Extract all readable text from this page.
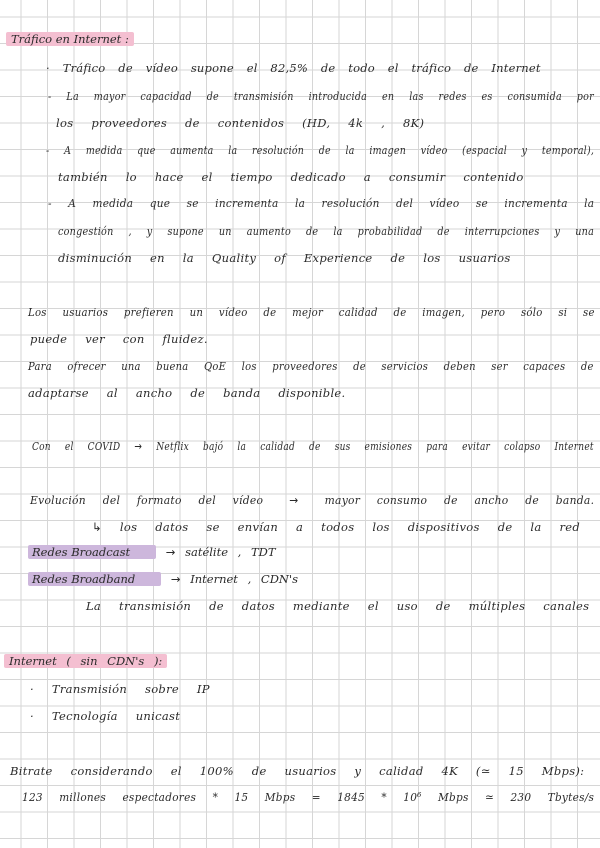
Tráfico en Internet :
· Tráfico de vídeo supone el 82,5% de todo el tráfico de Internet
- La mayor capacidad de transmisión introducida en las redes es consumida por
los proveedores de contenidos (HD, 4k , 8K)
- A medida que aumenta la resolución de la imagen vídeo (espacial y temporal),
también lo hace el tiempo dedicado a consumir contenido
- A medida que se incrementa la resolución del vídeo se incrementa la
congestión , y supone un aumento de la probabilidad de interrupciones y una
disminución en la Quality of Experience de los usuarios
Los usuarios prefieren un vídeo de mejor calidad de imagen, pero sólo si se
puede ver con fluidez.
Para ofrecer una buena QoE los proveedores de servicios deben ser capaces de
adaptarse al ancho de banda disponible.
Con el COVID → Netflix bajó la calidad de sus emisiones para evitar colapso Internet
Evolución del formato del vídeo → mayor consumo de ancho de banda.
↳ los datos se envían a todos los dispositivos de la red
Redes Broadcast	→ satélite , TDT
Redes Broadband	→ Internet , CDN's
La transmisión de datos mediante el uso de múltiples canales
Internet ( sin CDN's ):
· Transmisión sobre IP
· Tecnología unicast
Bitrate considerando el 100% de usuarios y calidad 4K (≃ 15 Mbps):
123 millones espectadores * 15 Mbps = 1845 * 10⁶ Mbps ≃ 230 Tbytes/s
